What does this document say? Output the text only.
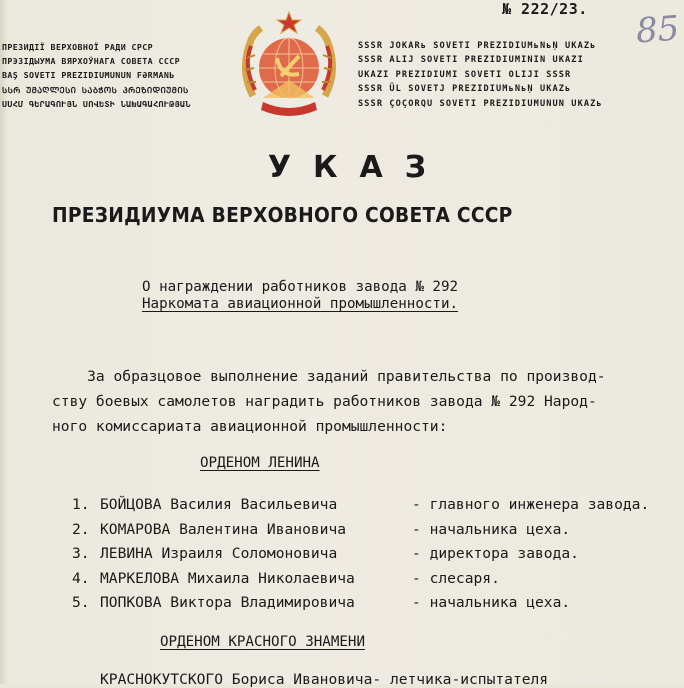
№ 222/23. 85
ПРЕЗИДІЇ ВЕРХОВНОЇ РАДИ СРСР
ПРЭЗІДЫУМА ВЯРХОЎНАГА СОВЕТА СССР
BAŞ SOVETI PREZIDIUMUNUN FƏRMANЬ
ᲡᲡᲠ ᲣᲛᲐᲦᲚᲔᲡᲘ ᲡᲐᲑᲭᲝᲡ ᲞᲠᲔᲖᲘᲓᲘᲣᲛᲘᲡ
ՍՍՀՄ ԳԵՐԱԳՈՒՅՆ ՍՈՎԵՏԻ ՆԱԽԱԳԱՀՈՒԹՅԱՆ
SSSR JOKARь SOVETI PREZIDIUMьNьŅ UKAZь
SSSR ALIJ SOVETI PREZIDIUMININ UKAZI
UKAZI PREZIDIUMI SOVETI OLIJI SSSR
SSSR ÜL SOVETJ PREZIDIUMьNьŅ UKAZь
SSSR ÇOÇORQU SOVETI PREZIDIUMUNUN UKAZь
УКАЗ
ПРЕЗИДИУМА ВЕРХОВНОГО СОВЕТА СССР
О награждении работников завода № 292
Наркомата авиационной промышленности.
За образцовое выполнение заданий правительства по производ-
ству боевых самолетов наградить работников завода № 292 Народ-
ного комиссариата авиационной промышленности:
ОРДЕНОМ ЛЕНИНА
1. БОЙЦОВА Василия Васильевича	- главного инженера завода.
2. КОМАРОВА Валентина Ивановича	- начальника цеха.
3. ЛЕВИНА Израиля Соломоновича	- директора завода.
4. МАРКЕЛОВА Михаила Николаевича	- слесаря.
5. ПОПКОВА Виктора Владимировича	- начальника цеха.
ОРДЕНОМ КРАСНОГО ЗНАМЕНИ
КРАСНОКУТСКОГО Бориса Ивановича- летчика-испытателя
